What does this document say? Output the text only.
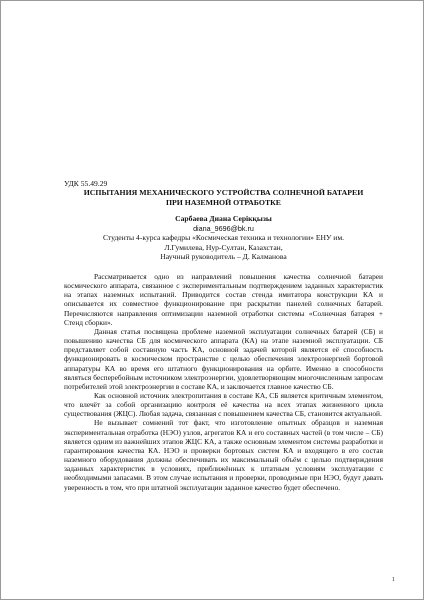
УДК 55.49.29
ИСПЫТАНИЯ МЕХАНИЧЕСКОГО УСТРОЙСТВА СОЛНЕЧНОЙ БАТАРЕИ
ПРИ НАЗЕМНОЙ ОТРАБОТКЕ
Сарбаева Диана Серікқызы
diana_9696@bk.ru
Студенты 4-курса кафедры «Космическая техника и технологии» ЕНУ им.
Л.Гумилева, Нур-Султан, Казахстан,
Научный руководитель – Д. Калманова

Рассматривается одно из направлений повышения качества солнечной батареи космического аппарата, связанное с экспериментальным подтверждением заданных характеристик на этапах наземных испытаний. Приводится состав стенда имитатора конструкции КА и описывается их совместное функционирование при раскрытии панелей солнечных батарей. Перечисляются направления оптимизации наземной отработки системы «Солнечная батарея + Стенд сборки».

Данная статья посвящена проблеме наземной эксплуатации солнечных батарей (СБ) и повышению качества СБ для космического аппарата (КА) на этапе наземной эксплуатации. СБ представляет собой составную часть КА, основной задачей которой является её способность функционировать в космическом пространстве с целью обеспечения электроэнергией бортовой аппаратуры КА во время его штатного функционирования на орбите. Именно в способности являться бесперебойным источником электроэнергии, удовлетворяющим многочисленным запросам потребителей этой электроэнергии в составе КА, и заключается главное качество СБ.

Как основной источник электропитания в составе КА, СБ является критичным элементом, что влечёт за собой организацию контроля её качества на всех этапах жизненного цикла существования (ЖЦС). Любая задача, связанная с повышением качества СБ, становится актуальной.

Не вызывает сомнений тот факт, что изготовление опытных образцов и наземная экспериментальная отработка (НЭО) узлов, агрегатов КА и его составных частей (в том числе – СБ) является одним из важнейших этапов ЖЦС КА, а также основным элементом системы разработки и гарантирования качества КА. НЭО и проверки бортовых систем КА и входящего в его состав наземного оборудования должны обеспечивать их максимальный объём с целью подтверждения заданных характеристик в условиях, приближённых к штатным условиям эксплуатации с необходимыми запасами. В этом случае испытания и проверки, проводимые при НЭО, будут давать уверенность в том, что при штатной эксплуатации заданное качество будет обеспечено.

1
